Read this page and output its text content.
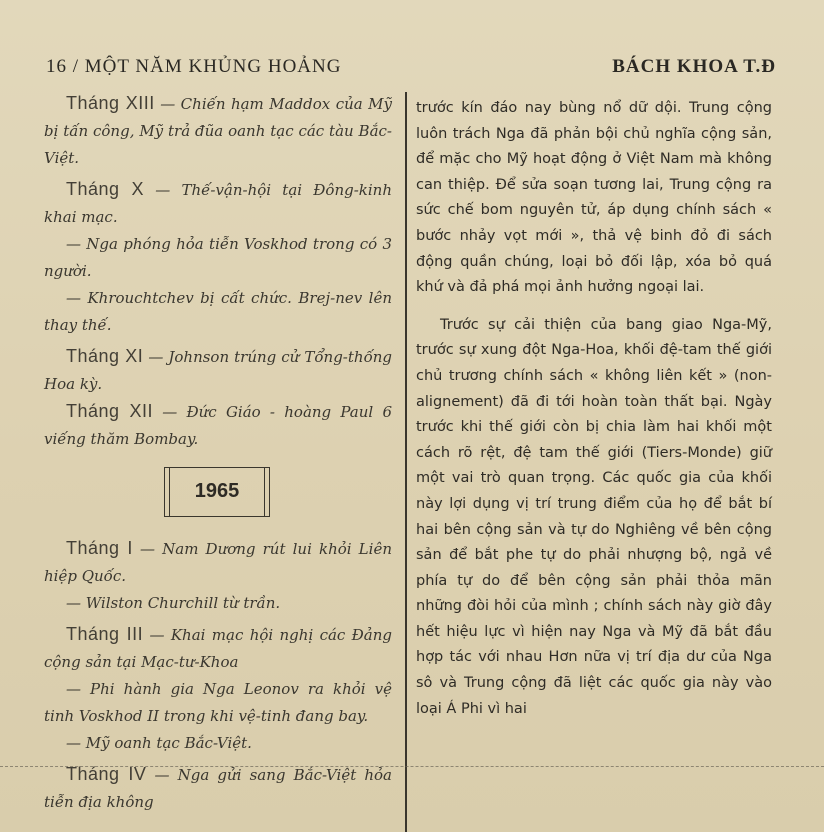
16 / MỘT NĂM KHỦNG HOẢNG	BÁCH KHOA T.Đ

Tháng XIII — Chiến hạm Maddox của Mỹ bị tấn công, Mỹ trả đũa oanh tạc các tàu Bắc-Việt.

Tháng X — Thế-vận-hội tại Đông-kinh khai mạc.

— Nga phóng hỏa tiễn Voskhod trong có 3 người.

— Khrouchtchev bị cất chức. Brej-nev lên thay thế.

Tháng XI — Johnson trúng cử Tổng-thống Hoa kỳ.

Tháng XII — Đức Giáo - hoàng Paul 6 viếng thăm Bombay.

1965

Tháng I — Nam Dương rút lui khỏi Liên hiệp Quốc.

— Wilston Churchill từ trần.

Tháng III — Khai mạc hội nghị các Đảng cộng sản tại Mạc-tư-Khoa

— Phi hành gia Nga Leonov ra khỏi vệ tinh Voskhod II trong khi vệ-tinh đang bay.

— Mỹ oanh tạc Bắc-Việt.

Tháng IV — Nga gửi sang Bắc-Việt hỏa tiễn địa không

trước kín đáo nay bùng nổ dữ dội. Trung cộng luôn trách Nga đã phản bội chủ nghĩa cộng sản, để mặc cho Mỹ hoạt động ở Việt Nam mà không can thiệp. Để sửa soạn tương lai, Trung cộng ra sức chế bom nguyên tử, áp dụng chính sách « bước nhảy vọt mới », thả vệ binh đỏ đi sách động quần chúng, loại bỏ đối lập, xóa bỏ quá khứ và đả phá mọi ảnh hưởng ngoại lai.

Trước sự cải thiện của bang giao Nga-Mỹ, trước sự xung đột Nga-Hoa, khối đệ-tam thế giới chủ trương chính sách « không liên kết » (non-alignement) đã đi tới hoàn toàn thất bại. Ngày trước khi thế giới còn bị chia làm hai khối một cách rõ rệt, đệ tam thế giới (Tiers-Monde) giữ một vai trò quan trọng. Các quốc gia của khối này lợi dụng vị trí trung điểm của họ để bắt bí hai bên cộng sản và tự do Nghiêng về bên cộng sản để bắt phe tự do phải nhượng bộ, ngả về phía tự do để bên cộng sản phải thỏa mãn những đòi hỏi của mình ; chính sách này giờ đây hết hiệu lực vì hiện nay Nga và Mỹ đã bắt đầu hợp tác với nhau Hơn nữa vị trí địa dư của Nga sô và Trung cộng đã liệt các quốc gia này vào loại Á Phi vì hai
